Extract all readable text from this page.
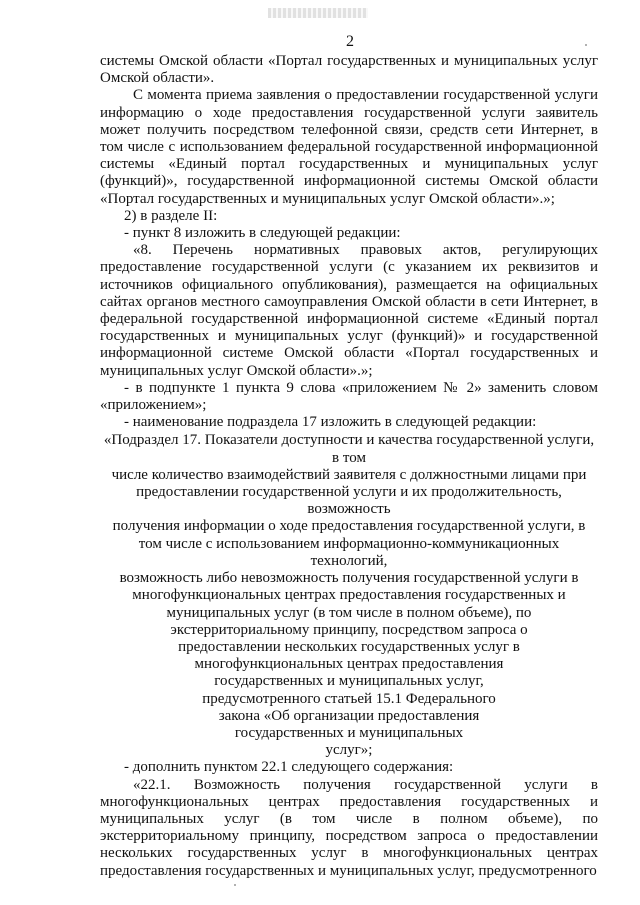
2

системы Омской области «Портал государственных и муниципальных услуг Омской области».

С момента приема заявления о предоставлении государственной услуги информацию о ходе предоставления государственной услуги заявитель может получить посредством телефонной связи, средств сети Интернет, в том числе с использованием федеральной государственной информационной системы «Единый портал государственных и муниципальных услуг (функций)», государственной информационной системы Омской области «Портал государственных и муниципальных услуг Омской области».»;

2) в разделе II:

- пункт 8 изложить в следующей редакции:

«8. Перечень нормативных правовых актов, регулирующих предоставление государственной услуги (с указанием их реквизитов и источников официального опубликования), размещается на официальных сайтах органов местного самоуправления Омской области в сети Интернет, в федеральной государственной информационной системе «Единый портал государственных и муниципальных услуг (функций)» и государственной информационной системе Омской области «Портал государственных и муниципальных услуг Омской области».»;

- в подпункте 1 пункта 9 слова «приложением № 2» заменить словом «приложением»;

- наименование подраздела 17 изложить в следующей редакции:

«Подраздел 17. Показатели доступности и качества государственной услуги, в том

числе количество взаимодействий заявителя с должностными лицами при

предоставлении государственной услуги и их продолжительность, возможность

получения информации о ходе предоставления государственной услуги, в

том числе с использованием информационно-коммуникационных технологий,

возможность либо невозможность получения государственной услуги в

многофункциональных центрах предоставления государственных и

муниципальных услуг (в том числе в полном объеме), по

экстерриториальному принципу, посредством запроса о

предоставлении нескольких государственных услуг в

многофункциональных центрах предоставления

государственных и муниципальных услуг,

предусмотренного статьей 15.1 Федерального

закона «Об организации предоставления

государственных и муниципальных

услуг»;

- дополнить пунктом 22.1 следующего содержания:

«22.1. Возможность получения государственной услуги в многофункциональных центрах предоставления государственных и муниципальных услуг (в том числе в полном объеме), по экстерриториальному принципу, посредством запроса о предоставлении нескольких государственных услуг в многофункциональных центрах предоставления государственных и муниципальных услуг, предусмотренного
